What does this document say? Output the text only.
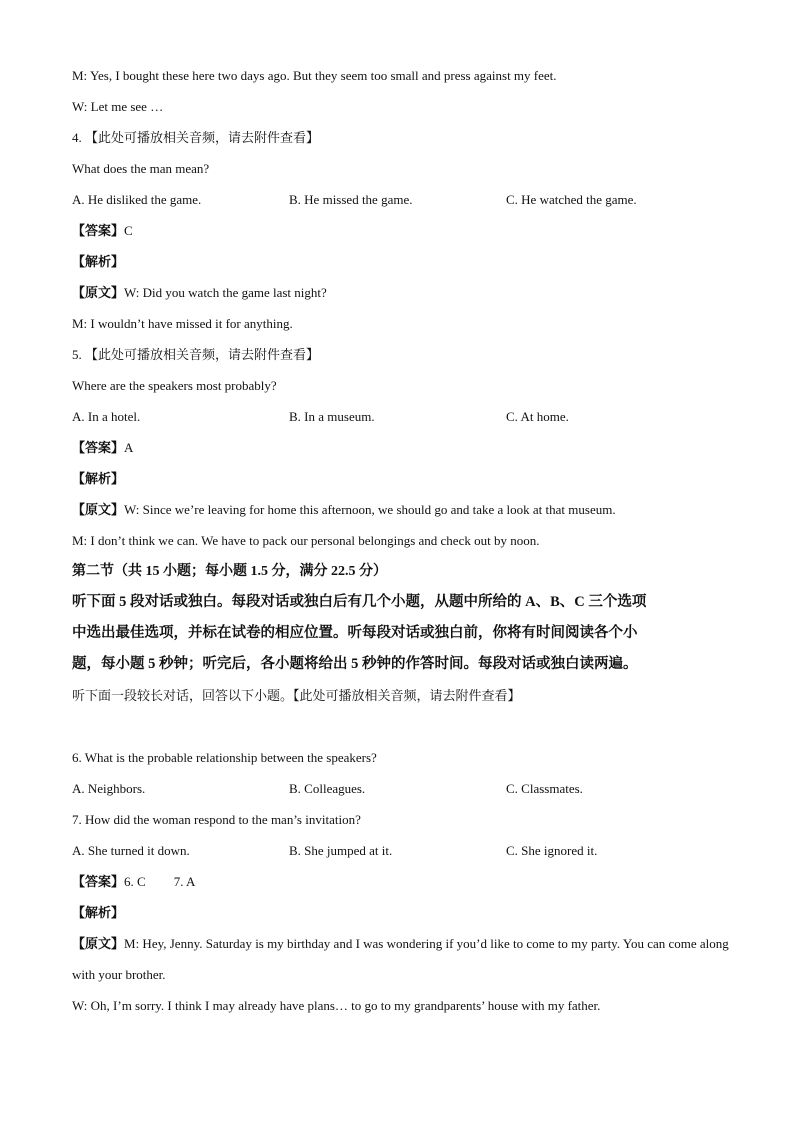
M: Yes, I bought these here two days ago. But they seem too small and press against my feet.
W: Let me see …
4. 【此处可播放相关音频，请去附件查看】
What does the man mean?
A. He disliked the game.	B. He missed the game.	C. He watched the game.
【答案】C
【解析】
【原文】W: Did you watch the game last night?
M: I wouldn’t have missed it for anything.
5. 【此处可播放相关音频，请去附件查看】
Where are the speakers most probably?
A. In a hotel.	B. In a museum.	C. At home.
【答案】A
【解析】
【原文】W: Since we’re leaving for home this afternoon, we should go and take a look at that museum.
M: I don’t think we can. We have to pack our personal belongings and check out by noon.
第二节（共 15 小题；每小题 1.5 分，满分 22.5 分）
听下面 5 段对话或独白。每段对话或独白后有几个小题，从题中所给的 A、B、C 三个选项
中选出最佳选项，并标在试卷的相应位置。听每段对话或独白前，你将有时间阅读各个小
题，每小题 5 秒钟；听完后，各小题将给出 5 秒钟的作答时间。每段对话或独白读两遍。
听下面一段较长对话，回答以下小题。【此处可播放相关音频，请去附件查看】
6. What is the probable relationship between the speakers?
A. Neighbors.	B. Colleagues.	C. Classmates.
7. How did the woman respond to the man’s invitation?
A. She turned it down.	B. She jumped at it.	C. She ignored it.
【答案】6. C 7. A
【解析】
【原文】M: Hey, Jenny. Saturday is my birthday and I was wondering if you’d like to come to my party. You can come along with your brother.
W: Oh, I’m sorry. I think I may already have plans… to go to my grandparents’ house with my father.
